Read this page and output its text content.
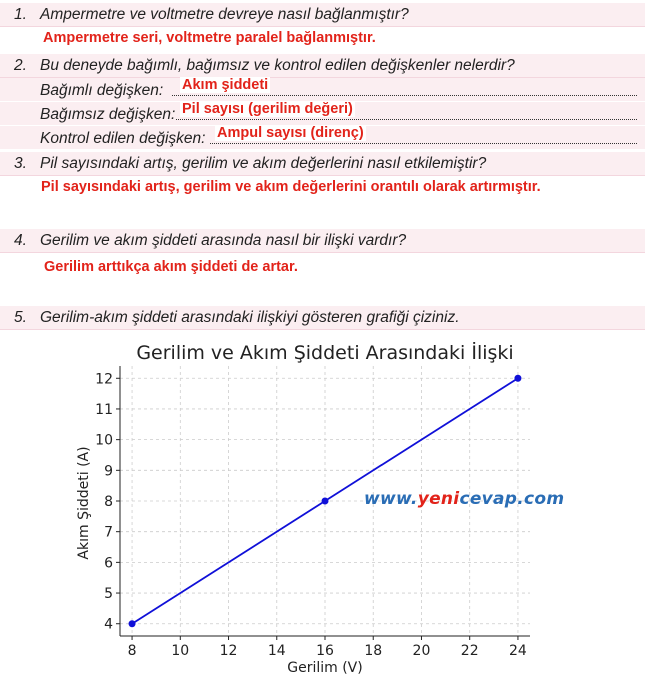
1. Ampermetre ve voltmetre devreye nasıl bağlanmıştır?
Ampermetre seri, voltmetre paralel bağlanmıştır.
2. Bu deneyde bağımlı, bağımsız ve kontrol edilen değişkenler nelerdir?
Bağımlı değişken: Akım şiddeti
Bağımsız değişken: Pil sayısı (gerilim değeri)
Kontrol edilen değişken: Ampul sayısı (direnç)
3. Pil sayısındaki artış, gerilim ve akım değerlerini nasıl etkilemiştir?
Pil sayısındaki artış, gerilim ve akım değerlerini orantılı olarak artırmıştır.
4. Gerilim ve akım şiddeti arasında nasıl bir ilişki vardır?
Gerilim arttıkça akım şiddeti de artar.
5. Gerilim-akım şiddeti arasındaki ilişkiyi gösteren grafiği çiziniz.
8 10 12 14 16 18 20 22 24
4
5
6
7
8
9
10
11
12
Gerilim ve Akım Şiddeti Arasındaki İlişki
Gerilim (V)
Akım Şiddeti (A)	www.yenicevap.com
